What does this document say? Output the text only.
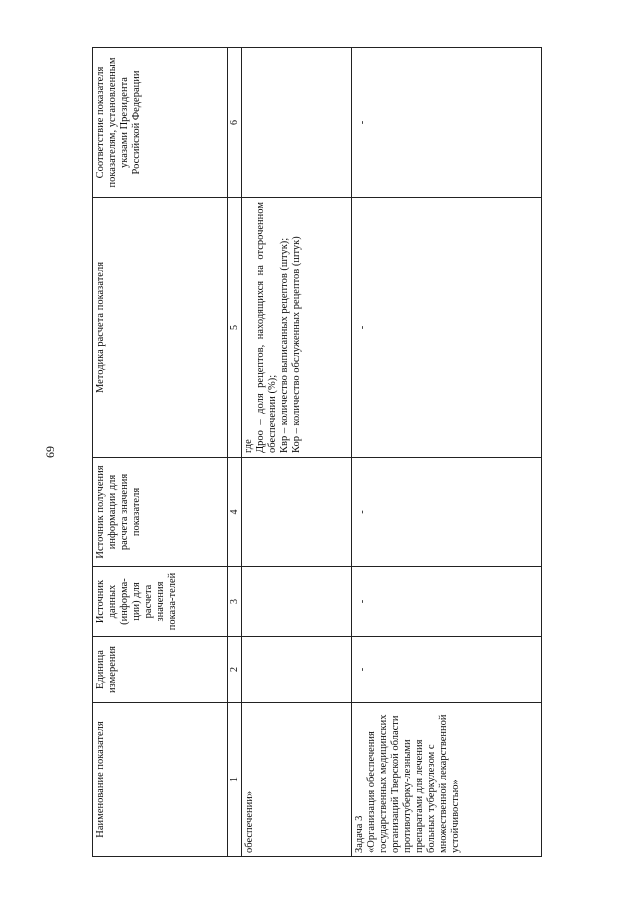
69
Наименование показателя
Единица измерения
Источник данных (информа-ции) для расчета значения показа-телей
Источник получения информации для расчета значения показателя
Методика расчета показателя
Соответствие показателя показателям, установленным указами Президента Российской Федерации
1
2
3
4
5
6
обеспечении»
где Дроо – доля рецептов, находящихся на отсроченном обеспечении (%); Квр – количество выписанных рецептов (штук); Кор – количество обслуженных рецептов (штук)
Задача 3
«Организация обеспечения государственных медицинских организаций Тверской области противотуберку-лезными препаратами для лечения больных туберкулезом с множественной лекарственной устойчивостью»
-
-
-
-
-
